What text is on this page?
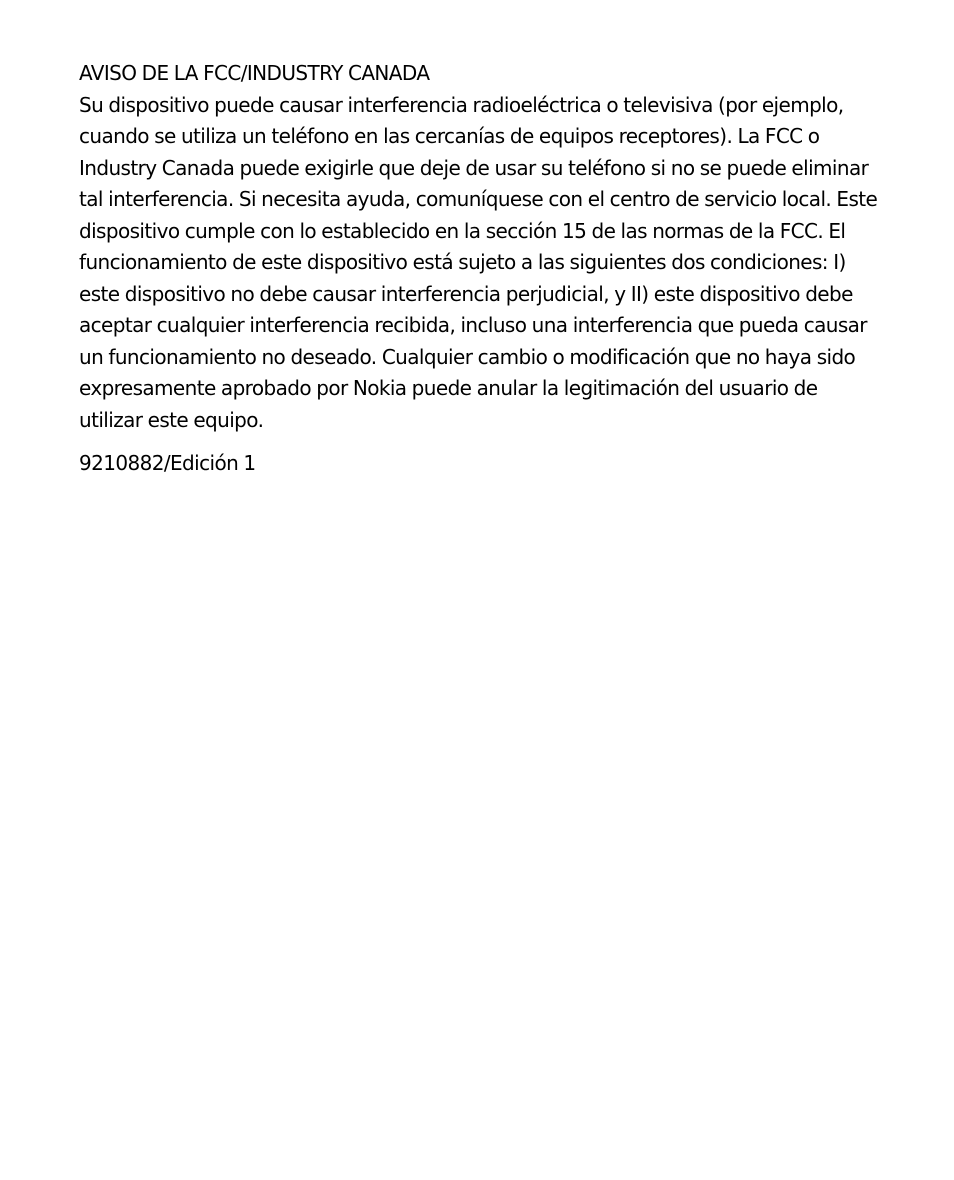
AVISO DE LA FCC/INDUSTRY CANADA

Su dispositivo puede causar interferencia radioeléctrica o televisiva (por ejemplo, cuando se utiliza un teléfono en las cercanías de equipos receptores). La FCC o Industry Canada puede exigirle que deje de usar su teléfono si no se puede eliminar tal interferencia. Si necesita ayuda, comuníquese con el centro de servicio local. Este dispositivo cumple con lo establecido en la sección 15 de las normas de la FCC. El funcionamiento de este dispositivo está sujeto a las siguientes dos condiciones: I) este dispositivo no debe causar interferencia perjudicial, y II) este dispositivo debe aceptar cualquier interferencia recibida, incluso una interferencia que pueda causar un funcionamiento no deseado. Cualquier cambio o modificación que no haya sido expresamente aprobado por Nokia puede anular la legitimación del usuario de utilizar este equipo.

9210882/Edición 1
